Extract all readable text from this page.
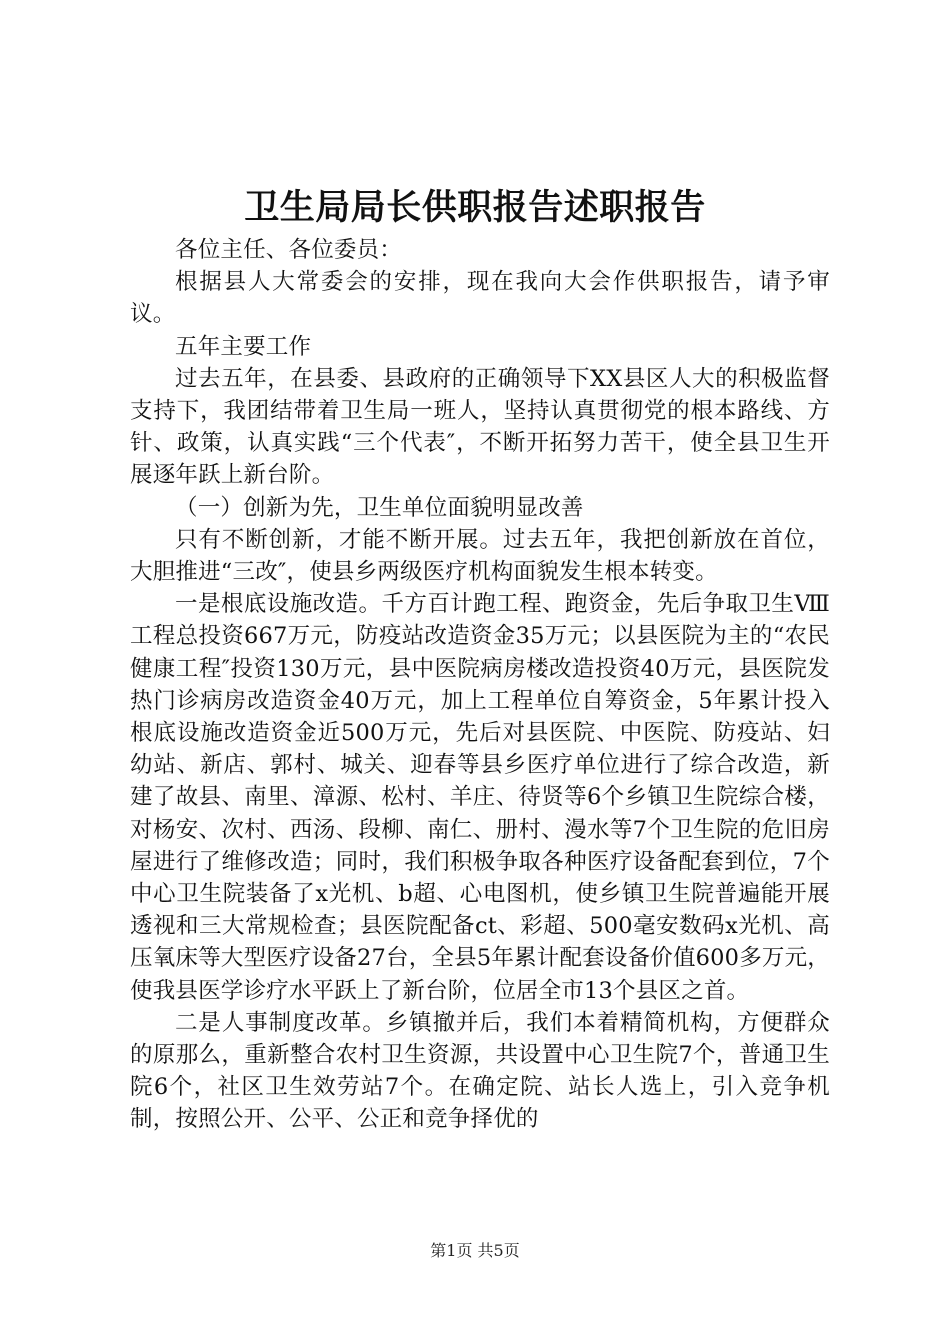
卫生局局长供职报告述职报告

各位主任、各位委员：

根据县人大常委会的安排，现在我向大会作供职报告，请予审议。

五年主要工作

过去五年，在县委、县政府的正确领导下XX县区人大的积极监督支持下，我团结带着卫生局一班人，坚持认真贯彻党的根本路线、方针、政策，认真实践“三个代表″，不断开拓努力苦干，使全县卫生开展逐年跃上新台阶。

（一）创新为先，卫生单位面貌明显改善

只有不断创新，才能不断开展。过去五年，我把创新放在首位，大胆推进“三改″，使县乡两级医疗机构面貌发生根本转变。

一是根底设施改造。千方百计跑工程、跑资金，先后争取卫生Ⅷ工程总投资667万元，防疫站改造资金35万元；以县医院为主的“农民健康工程″投资130万元，县中医院病房楼改造投资40万元，县医院发热门诊病房改造资金40万元，加上工程单位自筹资金，5年累计投入根底设施改造资金近500万元，先后对县医院、中医院、防疫站、妇幼站、新店、郭村、城关、迎春等县乡医疗单位进行了综合改造，新建了故县、南里、漳源、松村、羊庄、待贤等6个乡镇卫生院综合楼，对杨安、次村、西汤、段柳、南仁、册村、漫水等7个卫生院的危旧房屋进行了维修改造；同时，我们积极争取各种医疗设备配套到位，7个中心卫生院装备了x光机、b超、心电图机，使乡镇卫生院普遍能开展透视和三大常规检查；县医院配备ct、彩超、500毫安数码x光机、高压氧床等大型医疗设备27台，全县5年累计配套设备价值600多万元，使我县医学诊疗水平跃上了新台阶，位居全市13个县区之首。

二是人事制度改革。乡镇撤并后，我们本着精简机构，方便群众的原那么，重新整合农村卫生资源，共设置中心卫生院7个，普通卫生院6个，社区卫生效劳站7个。在确定院、站长人选上，引入竞争机制，按照公开、公平、公正和竞争择优的

第1页 共5页
